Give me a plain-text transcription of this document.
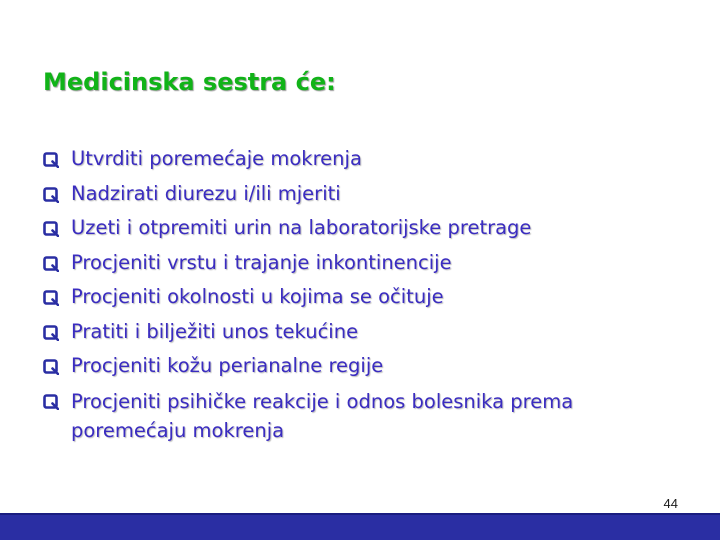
Medicinska sestra će:
Utvrditi poremećaje mokrenja
Nadzirati diurezu i/ili mjeriti
Uzeti i otpremiti urin na laboratorijske pretrage
Procjeniti vrstu i trajanje inkontinencije
Procjeniti okolnosti u kojima se očituje
Pratiti i bilježiti unos tekućine
Procjeniti kožu perianalne regije
Procjeniti psihičke reakcije i odnos bolesnika prema poremećaju mokrenja
44
